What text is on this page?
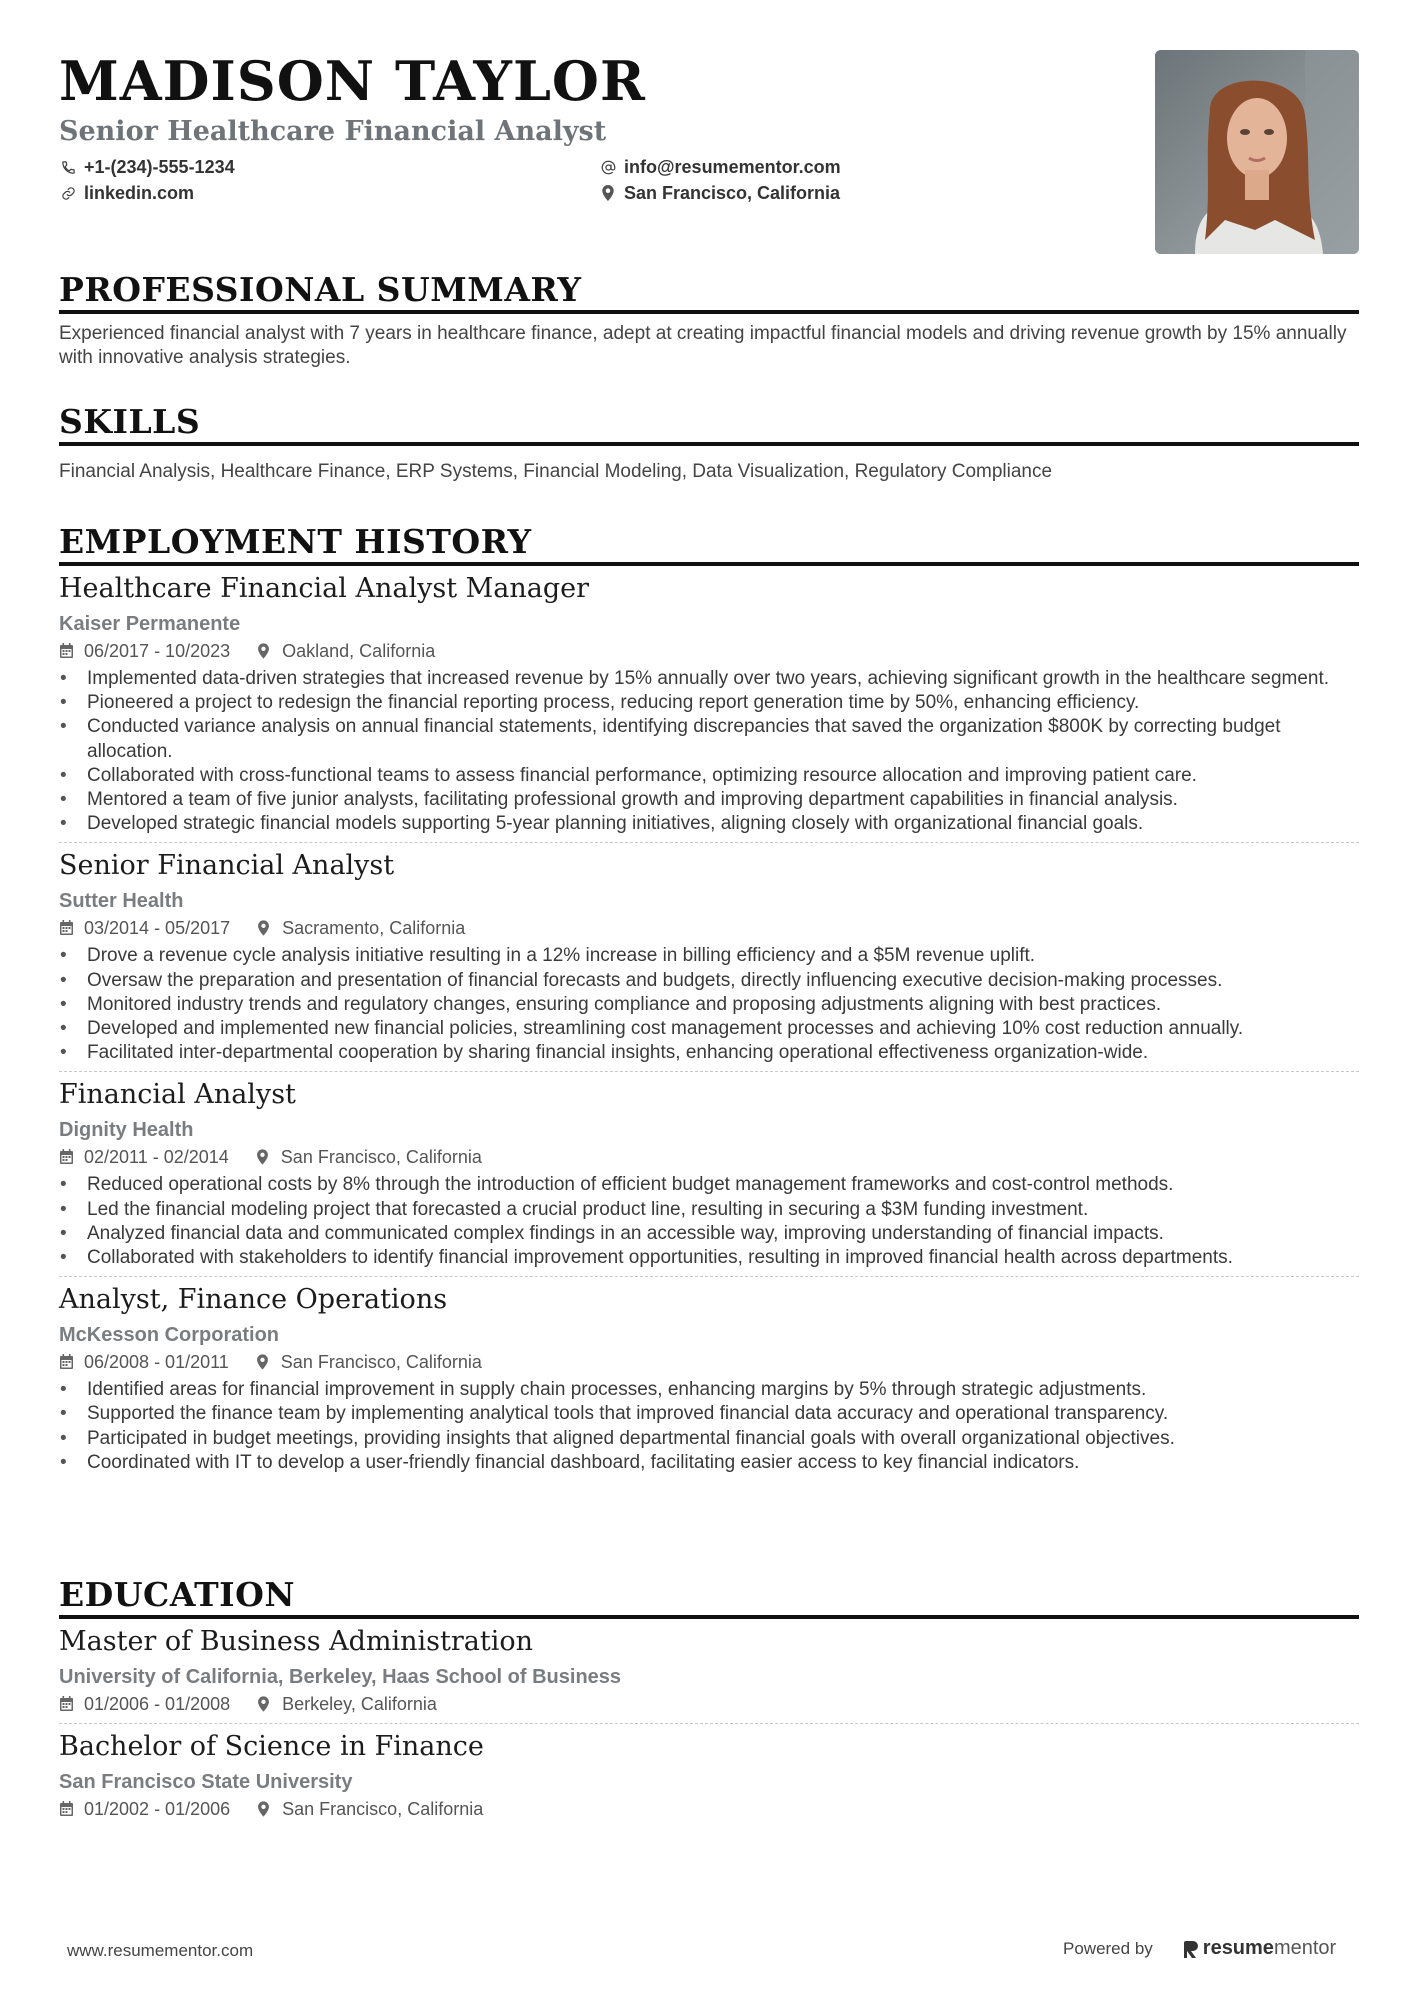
MADISON TAYLOR
Senior Healthcare Financial Analyst
+1-(234)-555-1234
linkedin.com
info@resumementor.com
San Francisco, California
PROFESSIONAL SUMMARY
Experienced financial analyst with 7 years in healthcare finance, adept at creating impactful financial models and driving revenue growth by 15% annually with innovative analysis strategies.
SKILLS
Financial Analysis, Healthcare Finance, ERP Systems, Financial Modeling, Data Visualization, Regulatory Compliance
EMPLOYMENT HISTORY
Healthcare Financial Analyst Manager
Kaiser Permanente
06/2017 - 10/2023	Oakland, California
• Implemented data-driven strategies that increased revenue by 15% annually over two years, achieving significant growth in the healthcare segment.
• Pioneered a project to redesign the financial reporting process, reducing report generation time by 50%, enhancing efficiency.
• Conducted variance analysis on annual financial statements, identifying discrepancies that saved the organization $800K by correcting budget allocation.
• Collaborated with cross-functional teams to assess financial performance, optimizing resource allocation and improving patient care.
• Mentored a team of five junior analysts, facilitating professional growth and improving department capabilities in financial analysis.
• Developed strategic financial models supporting 5-year planning initiatives, aligning closely with organizational financial goals.
Senior Financial Analyst
Sutter Health
03/2014 - 05/2017	Sacramento, California
• Drove a revenue cycle analysis initiative resulting in a 12% increase in billing efficiency and a $5M revenue uplift.
• Oversaw the preparation and presentation of financial forecasts and budgets, directly influencing executive decision-making processes.
• Monitored industry trends and regulatory changes, ensuring compliance and proposing adjustments aligning with best practices.
• Developed and implemented new financial policies, streamlining cost management processes and achieving 10% cost reduction annually.
• Facilitated inter-departmental cooperation by sharing financial insights, enhancing operational effectiveness organization-wide.
Financial Analyst
Dignity Health
02/2011 - 02/2014	San Francisco, California
• Reduced operational costs by 8% through the introduction of efficient budget management frameworks and cost-control methods.
• Led the financial modeling project that forecasted a crucial product line, resulting in securing a $3M funding investment.
• Analyzed financial data and communicated complex findings in an accessible way, improving understanding of financial impacts.
• Collaborated with stakeholders to identify financial improvement opportunities, resulting in improved financial health across departments.
Analyst, Finance Operations
McKesson Corporation
06/2008 - 01/2011	San Francisco, California
• Identified areas for financial improvement in supply chain processes, enhancing margins by 5% through strategic adjustments.
• Supported the finance team by implementing analytical tools that improved financial data accuracy and operational transparency.
• Participated in budget meetings, providing insights that aligned departmental financial goals with overall organizational objectives.
• Coordinated with IT to develop a user-friendly financial dashboard, facilitating easier access to key financial indicators.
EDUCATION
Master of Business Administration
University of California, Berkeley, Haas School of Business
01/2006 - 01/2008	Berkeley, California
Bachelor of Science in Finance
San Francisco State University
01/2002 - 01/2006	San Francisco, California
www.resumementor.com	Powered by	resume mentor
